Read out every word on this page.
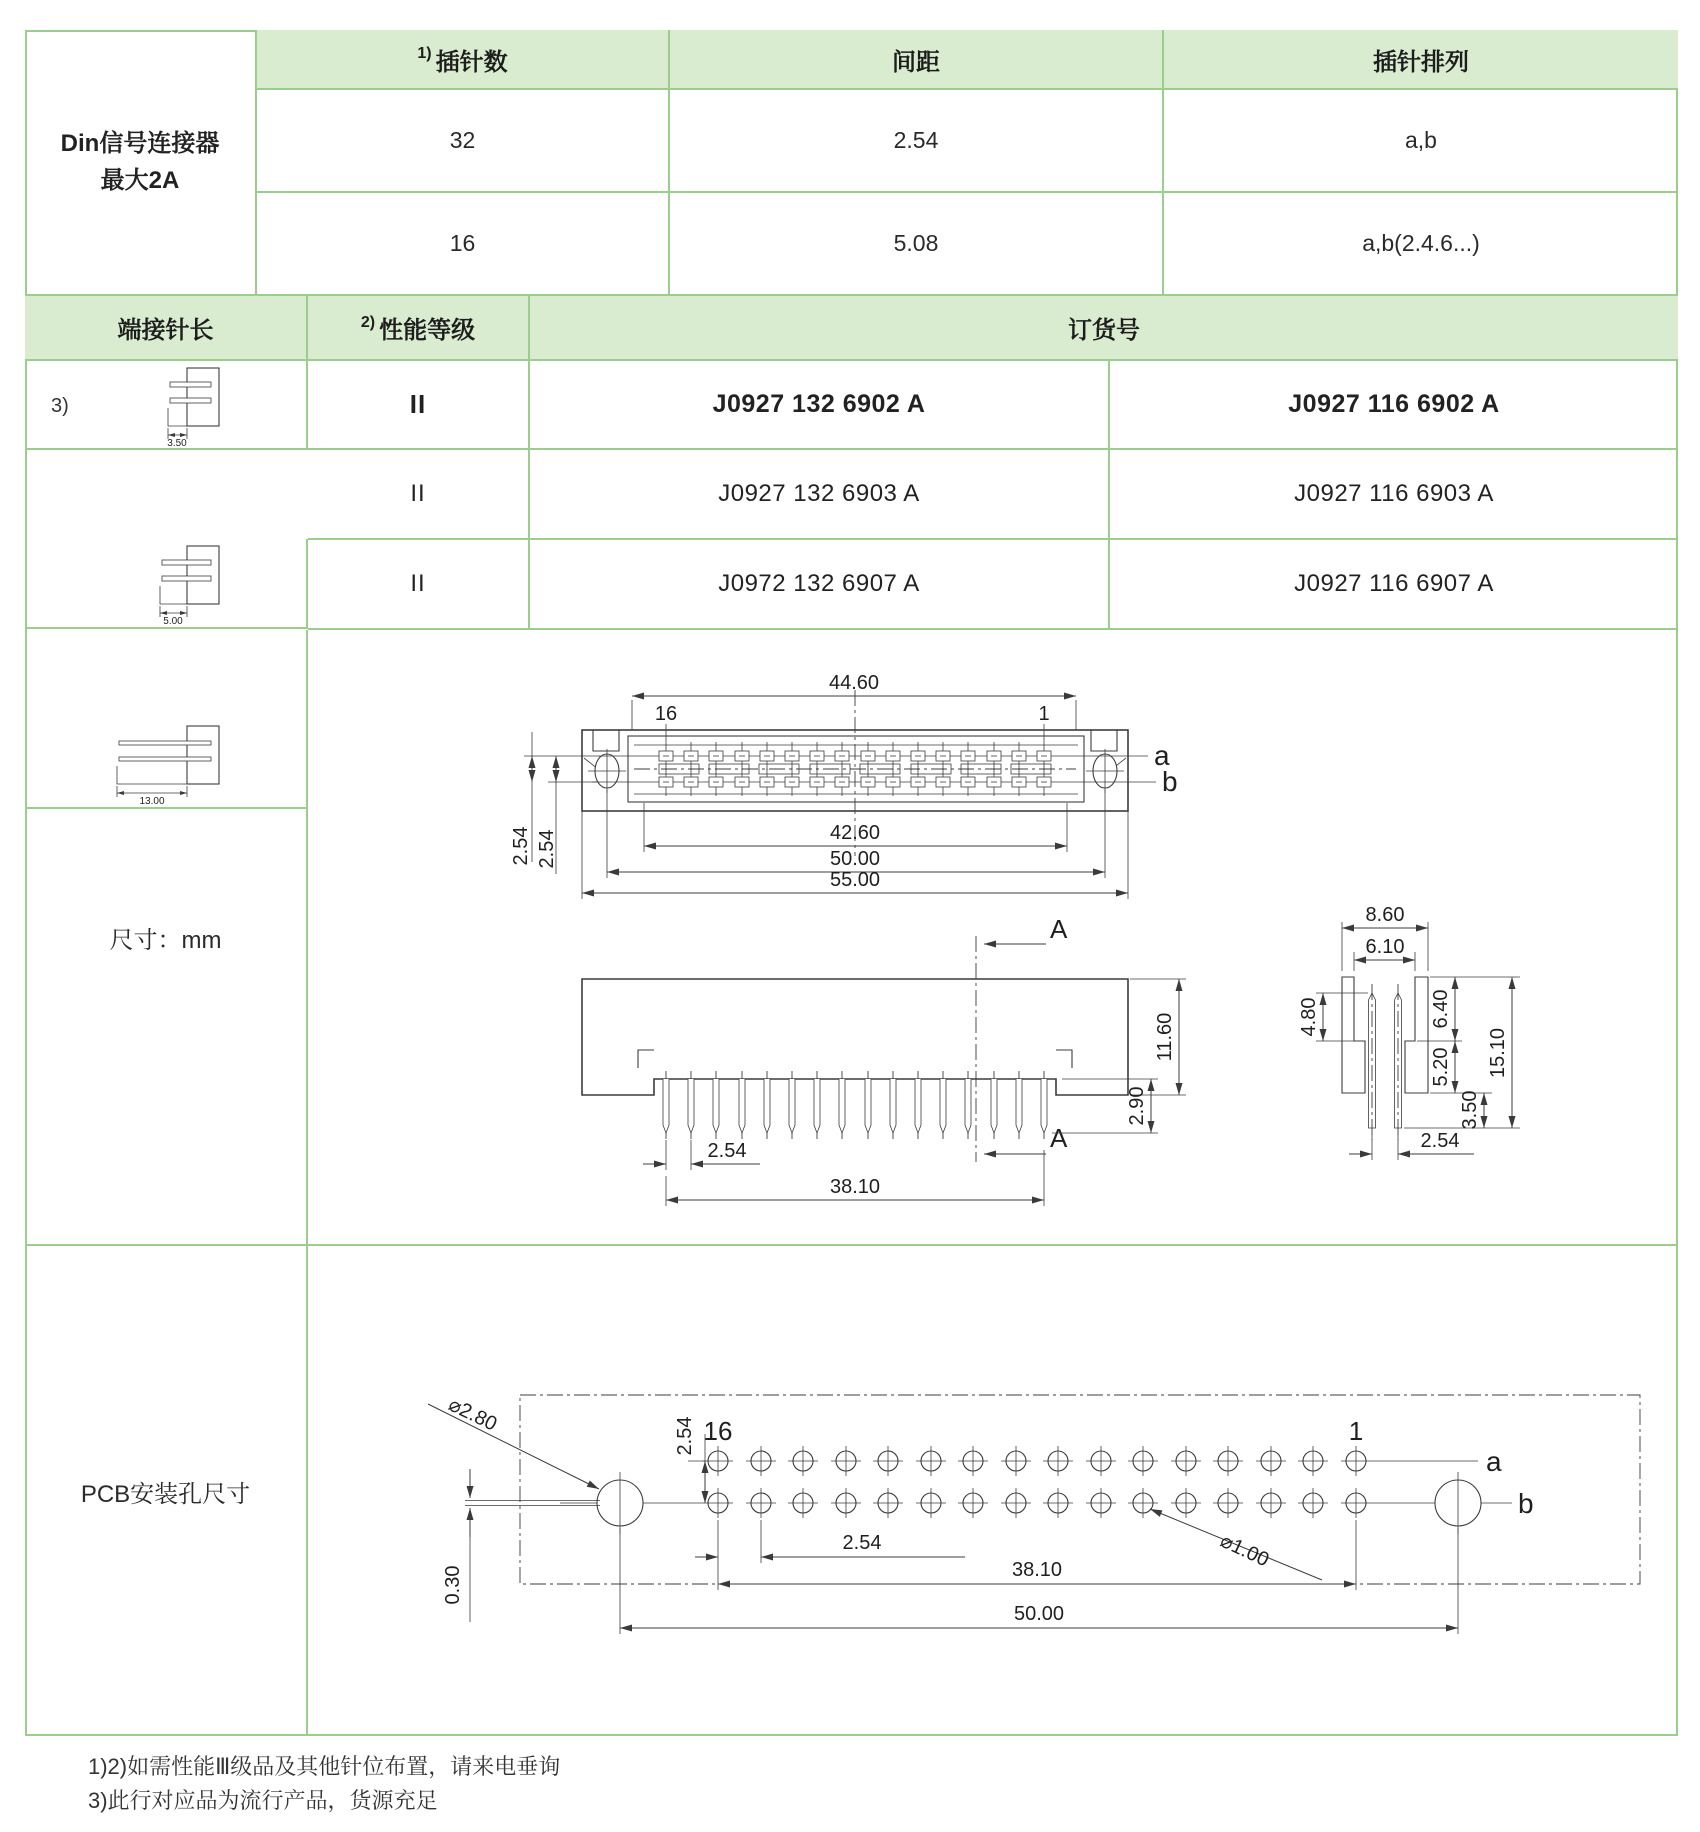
Din信号连接器
最大2A
1) 插针数	间距	插针排列
32	2.54	a,b
16	5.08	a,b(2.4.6...)
端接针长	2) 性能等级	订货号
3)
3.50
II	J0927 132 6902 A	J0927 116 6902 A
5.00
II	J0927 132 6903 A	J0927 116 6903 A
13.00
II	J0972 132 6907 A	J0927 116 6907 A
尺寸：mm
44.60
16	1
a
b
2.54 2.54	42.60
50.00
55.00
A
A
2.54
38.10
11.60
2.90
8.60
6.10
4.80	6.40
5.20
3.50
15.10
2.54
PCB安装孔尺寸
16	1
a
b
⌀2.80
2.54
⌀1.00
2.54
38.10
50.00
0.30

1)2)如需性能Ⅲ级品及其他针位布置，请来电垂询

3)此行对应品为流行产品，货源充足
